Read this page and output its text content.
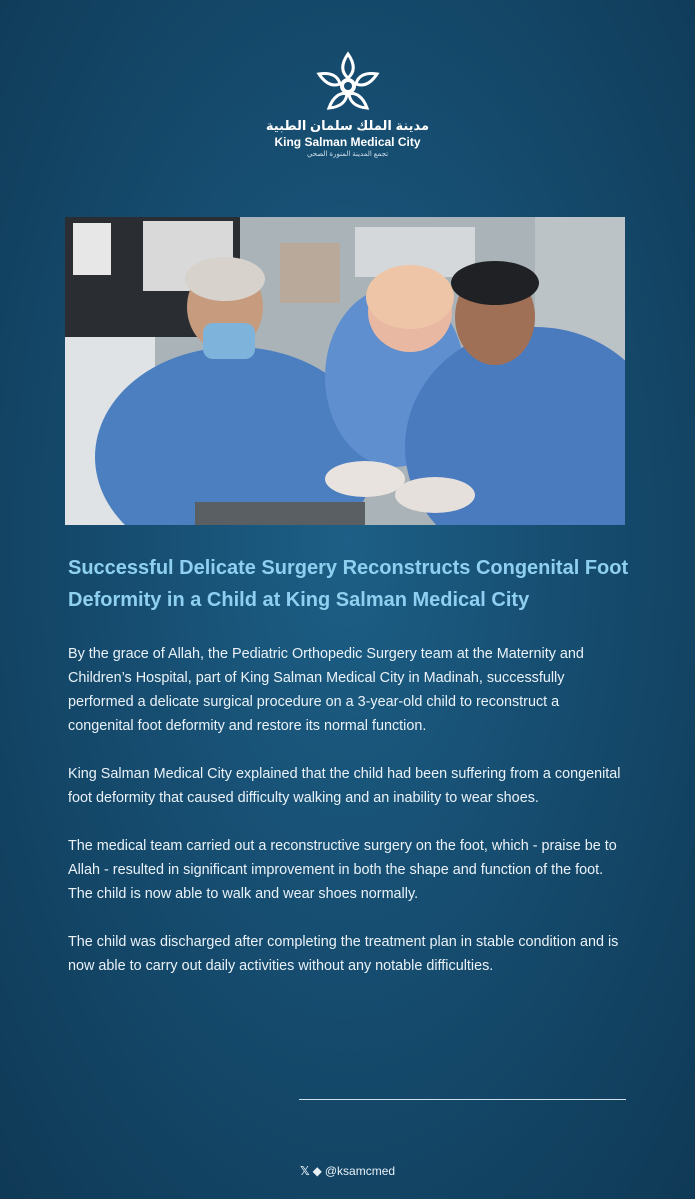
مدينة الملك سلمان الطبية
King Salman Medical City
تجمع المدينة المنورة الصحي
Successful Delicate Surgery Reconstructs Congenital Foot Deformity in a Child at King Salman Medical City

By the grace of Allah, the Pediatric Orthopedic Surgery team at the Maternity and Children’s Hospital, part of King Salman Medical City in Madinah, successfully performed a delicate surgical procedure on a 3-year-old child to reconstruct a congenital foot deformity and restore its normal function.

King Salman Medical City explained that the child had been suffering from a congenital foot deformity that caused difficulty walking and an inability to wear shoes.

The medical team carried out a reconstructive surgery on the foot, which - praise be to Allah - resulted in significant improvement in both the shape and function of the foot. The child is now able to walk and wear shoes normally.

The child was discharged after completing the treatment plan in stable condition and is now able to carry out daily activities without any notable difficulties.

𝕏 ◆ @ksamcmed
